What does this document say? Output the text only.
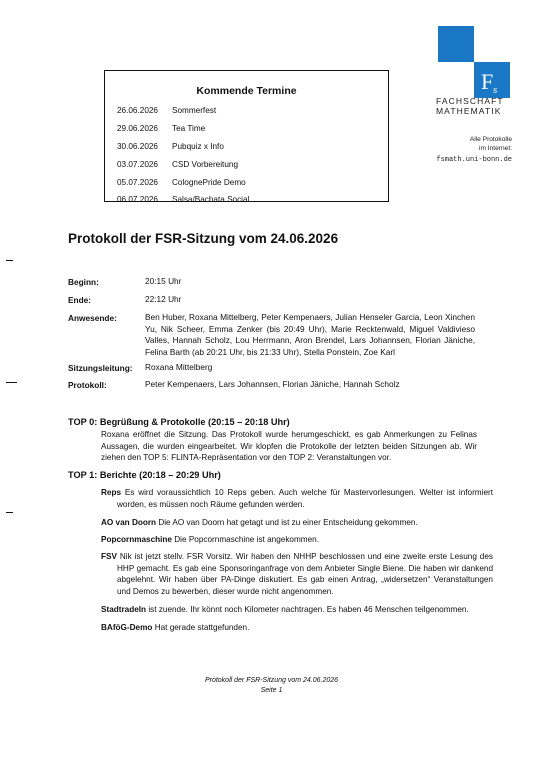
F s
FACHSCHAFT
MATHEMATIK
Alle Protokolle
im Internet:
fsmath.uni-bonn.de
Kommende Termine
26.06.2026 Sommerfest
29.06.2026 Tea Time
30.06.2026 Pubquiz x Info
03.07.2026 CSD Vorbereitung
05.07.2026 ColognePride Demo
06.07.2026 Salsa/Bachata Social
Protokoll der FSR-Sitzung vom 24.06.2026
Beginn:	20:15 Uhr
Ende:	22:12 Uhr
Anwesende:	Ben Huber, Roxana Mittelberg, Peter Kempenaers, Julian Henseler Garcia, Leon Xinchen Yu, Nik Scheer, Emma Zenker (bis 20:49 Uhr), Marie Recktenwald, Miguel Valdivieso Valles, Hannah Scholz, Lou Herrmann, Aron Brendel, Lars Johannsen, Florian Jäniche, Felina Barth (ab 20:21 Uhr, bis 21:33 Uhr), Stella Ponstein, Zoe Karl
Sitzungsleitung: Roxana Mittelberg
Protokoll:	Peter Kempenaers, Lars Johannsen, Florian Jäniche, Hannah Scholz
TOP 0: Begrüßung & Protokolle (20:15 – 20:18 Uhr)
Roxana eröffnet die Sitzung. Das Protokoll wurde herumgeschickt, es gab Anmerkungen zu Felinas Aussagen, die wurden eingearbeitet. Wir klopfen die Protokolle der letzten beiden Sitzungen ab. Wir ziehen den TOP 5: FLINTA-Repräsentation vor den TOP 2: Veranstaltungen vor.
TOP 1: Berichte (20:18 – 20:29 Uhr)
Reps Es wird voraussichtlich 10 Reps geben. Auch welche für Mastervorlesungen. Welter ist informiert worden, es müssen noch Räume gefunden werden.
AO van Doorn Die AO van Doorn hat getagt und ist zu einer Entscheidung gekommen.
Popcornmaschine Die Popcornmaschine ist angekommen.
FSV Nik ist jetzt stellv. FSR Vorsitz. Wir haben den NHHP beschlossen und eine zweite erste Lesung des HHP gemacht. Es gab eine Sponsoringanfrage von dem Anbieter Single Biene. Die haben wir dankend abgelehnt. Wir haben über PA-Dinge diskutiert. Es gab einen Antrag, „widersetzen“ Veranstaltungen und Demos zu bewerben, dieser wurde nicht angenommen.
Stadtradeln ist zuende. Ihr könnt noch Kilometer nachtragen. Es haben 46 Menschen teilgenommen.
BAföG-Demo Hat gerade stattgefunden.
Protokoll der FSR-Sitzung vom 24.06.2026
Seite 1
